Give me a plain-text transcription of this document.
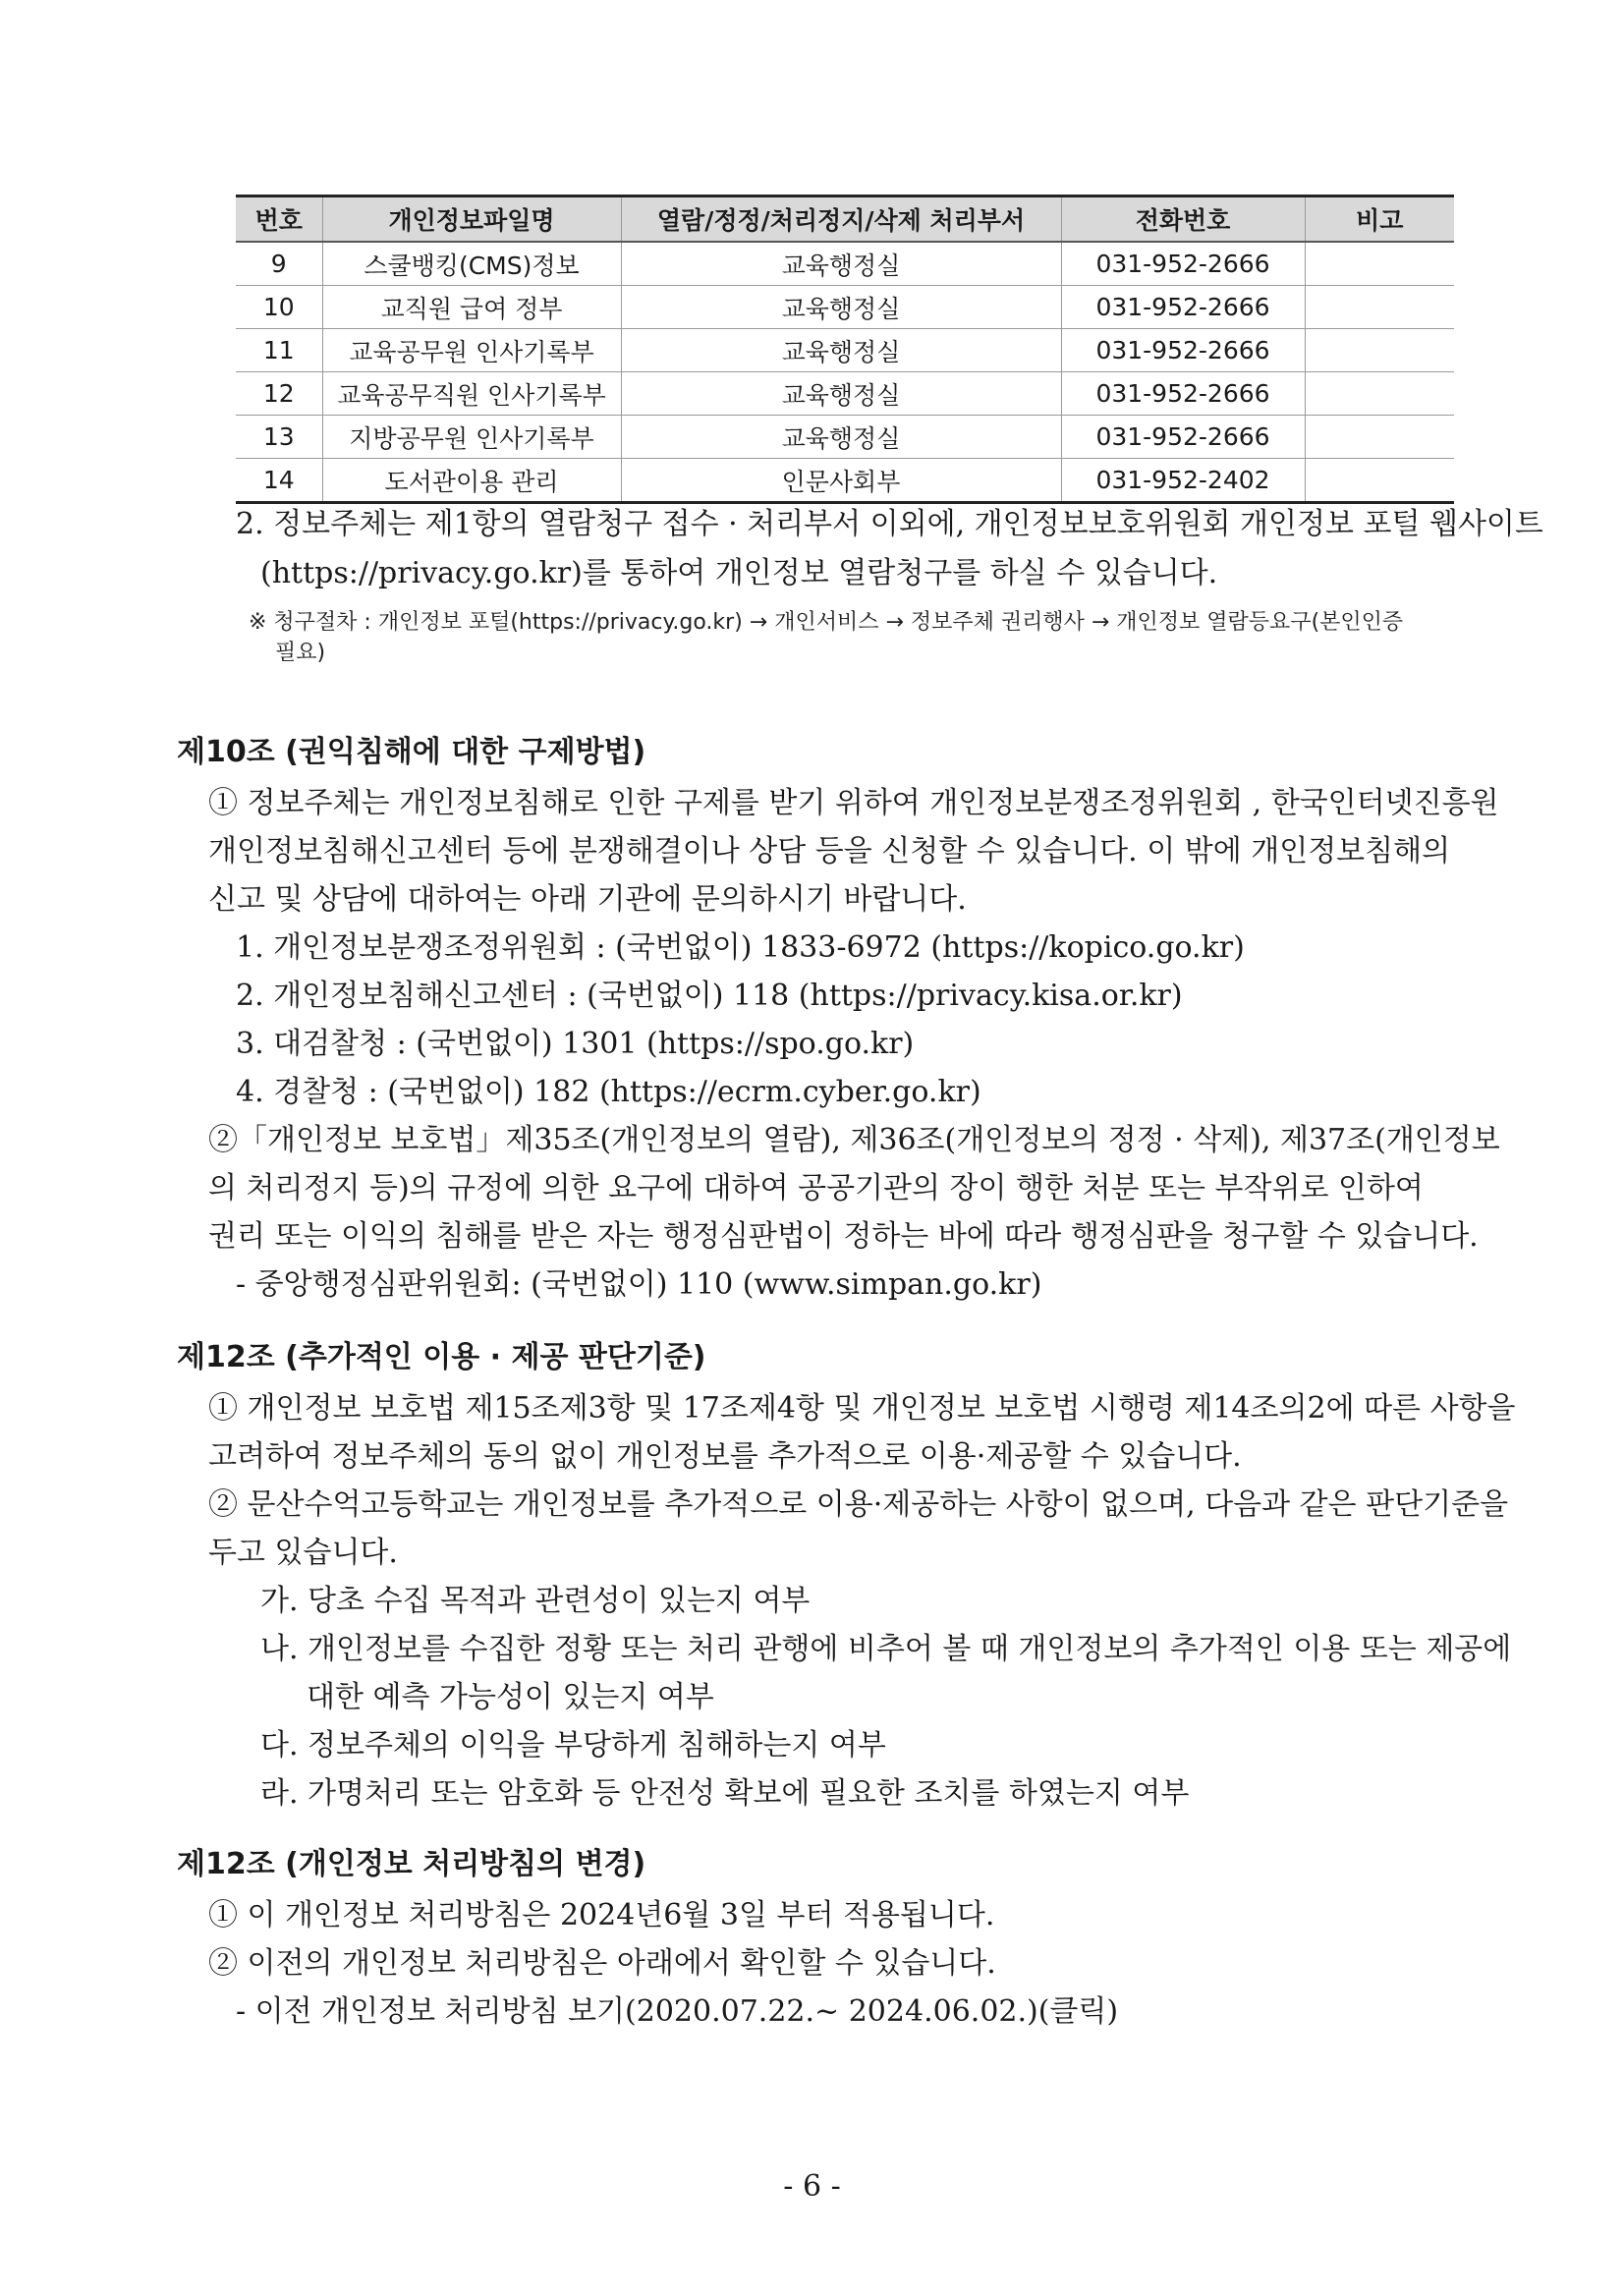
번호	개인정보파일명	열람/정정/처리정지/삭제 처리부서	전화번호	비고
9	스쿨뱅킹(CMS)정보	교육행정실	031-952-2666	
10	교직원 급여 정부	교육행정실	031-952-2666	
11	교육공무원 인사기록부	교육행정실	031-952-2666	
12	교육공무직원 인사기록부	교육행정실	031-952-2666	
13	지방공무원 인사기록부	교육행정실	031-952-2666	
14	도서관이용 관리	인문사회부	031-952-2402	
2. 정보주체는 제1항의 열람청구 접수 · 처리부서 이외에, 개인정보보호위원회 개인정보 포털 웹사이트
(https://privacy.go.kr)를 통하여 개인정보 열람청구를 하실 수 있습니다.
※ 청구절차 : 개인정보 포털(https://privacy.go.kr) → 개인서비스 → 정보주체 권리행사 → 개인정보 열람등요구(본인인증
필요)
제10조 (권익침해에 대한 구제방법)
① 정보주체는 개인정보침해로 인한 구제를 받기 위하여 개인정보분쟁조정위원회 , 한국인터넷진흥원
개인정보침해신고센터 등에 분쟁해결이나 상담 등을 신청할 수 있습니다. 이 밖에 개인정보침해의
신고 및 상담에 대하여는 아래 기관에 문의하시기 바랍니다.
1. 개인정보분쟁조정위원회 : (국번없이) 1833-6972 (https://kopico.go.kr)
2. 개인정보침해신고센터 : (국번없이) 118 (https://privacy.kisa.or.kr)
3. 대검찰청 : (국번없이) 1301 (https://spo.go.kr)
4. 경찰청 : (국번없이) 182 (https://ecrm.cyber.go.kr)
②「개인정보 보호법」제35조(개인정보의 열람), 제36조(개인정보의 정정 · 삭제), 제37조(개인정보
의 처리정지 등)의 규정에 의한 요구에 대하여 공공기관의 장이 행한 처분 또는 부작위로 인하여
권리 또는 이익의 침해를 받은 자는 행정심판법이 정하는 바에 따라 행정심판을 청구할 수 있습니다.
- 중앙행정심판위원회: (국번없이) 110 (www.simpan.go.kr)
제12조 (추가적인 이용 · 제공 판단기준)
① 개인정보 보호법 제15조제3항 및 17조제4항 및 개인정보 보호법 시행령 제14조의2에 따른 사항을
고려하여 정보주체의 동의 없이 개인정보를 추가적으로 이용·제공할 수 있습니다.
② 문산수억고등학교는 개인정보를 추가적으로 이용·제공하는 사항이 없으며, 다음과 같은 판단기준을
두고 있습니다.
가. 당초 수집 목적과 관련성이 있는지 여부
나. 개인정보를 수집한 정황 또는 처리 관행에 비추어 볼 때 개인정보의 추가적인 이용 또는 제공에
대한 예측 가능성이 있는지 여부
다. 정보주체의 이익을 부당하게 침해하는지 여부
라. 가명처리 또는 암호화 등 안전성 확보에 필요한 조치를 하였는지 여부
제12조 (개인정보 처리방침의 변경)
① 이 개인정보 처리방침은 2024년6월 3일 부터 적용됩니다.
② 이전의 개인정보 처리방침은 아래에서 확인할 수 있습니다.
- 이전 개인정보 처리방침 보기(2020.07.22.~ 2024.06.02.)(클릭)
- 6 -
